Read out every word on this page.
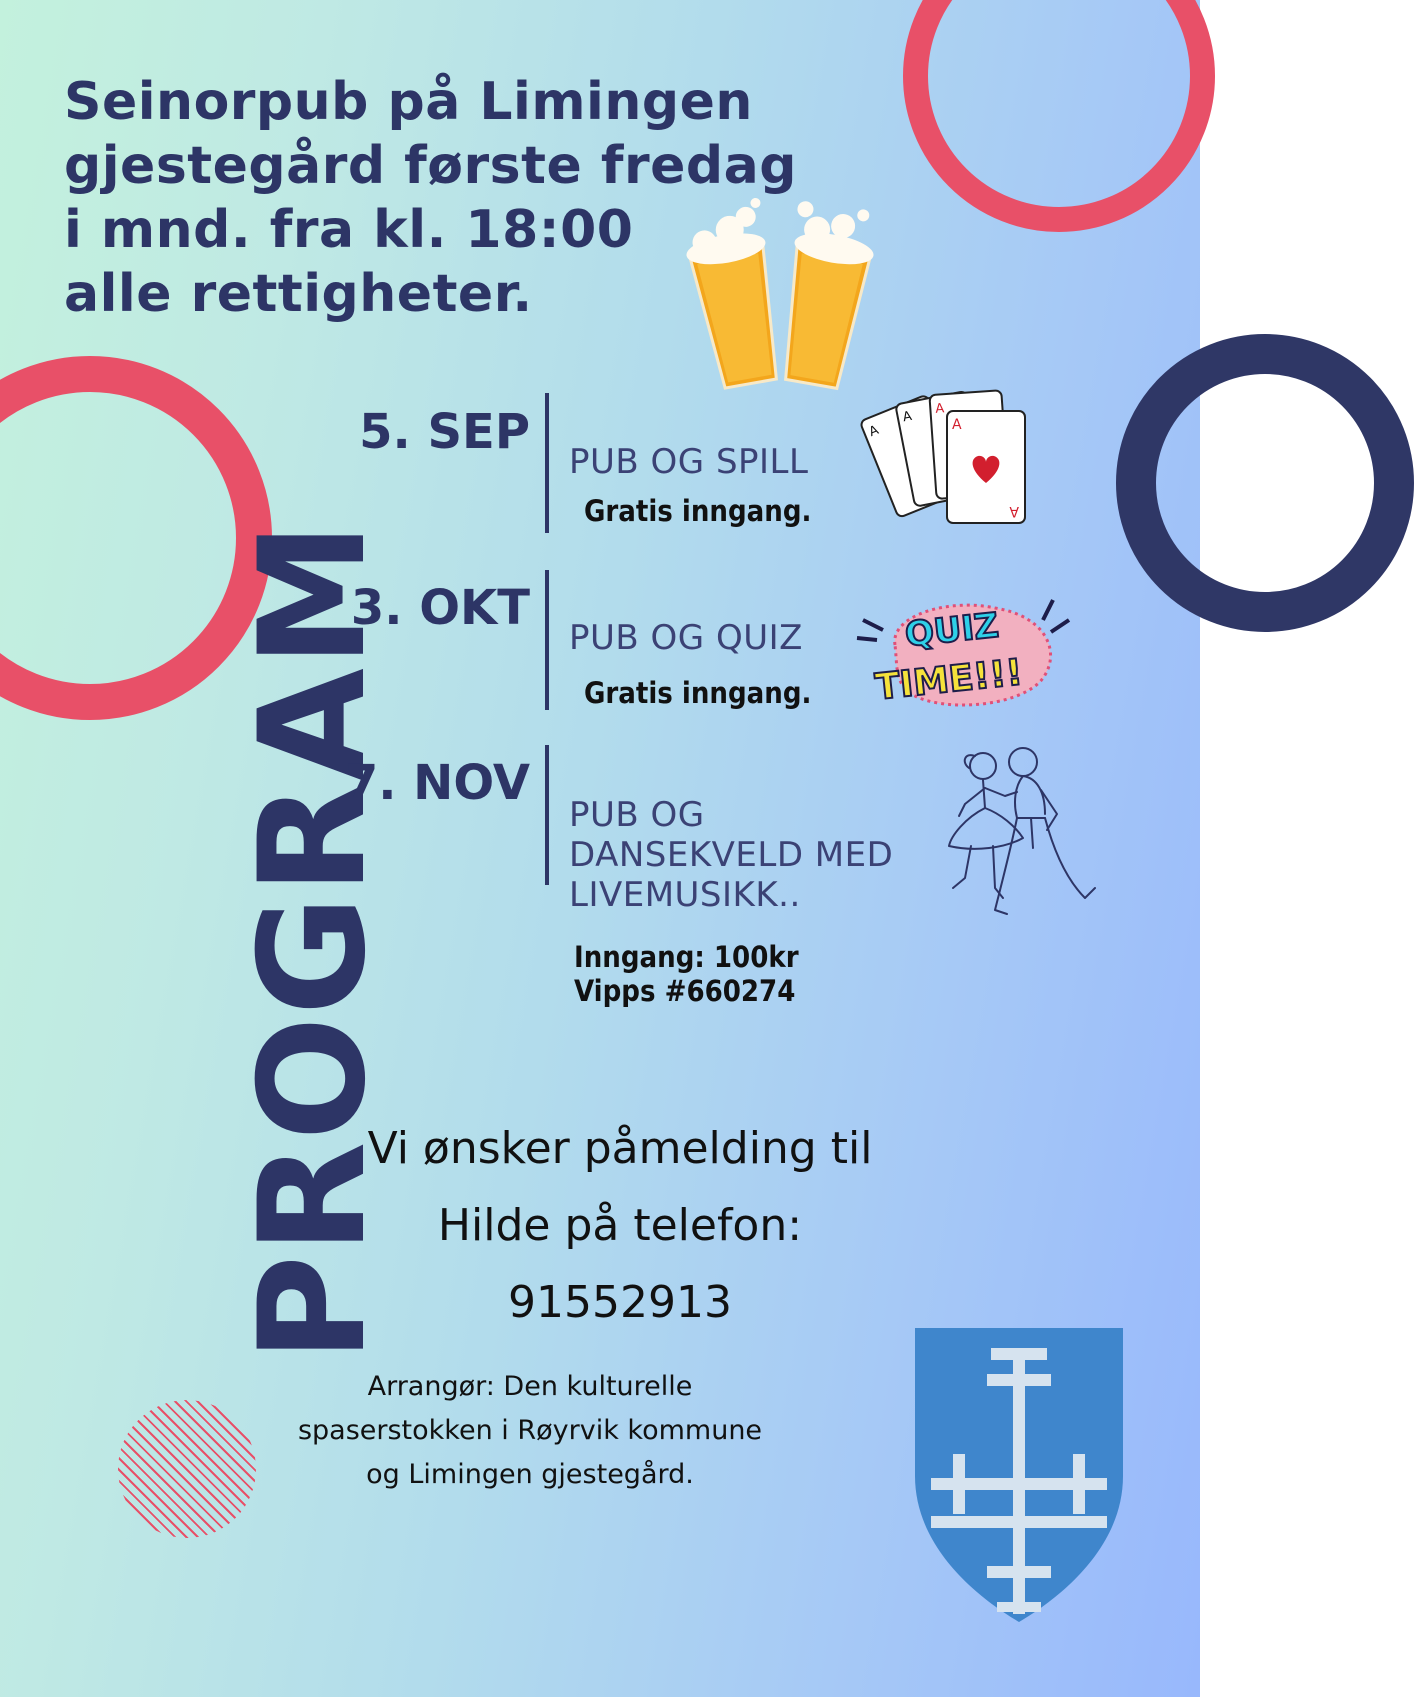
Seinorpub på Limingen
gjestegård første fredag
i mnd. fra kl. 18:00
alle rettigheter.
PROGRAM
5. SEP
PUB OG SPILL
Gratis inngang.
A
A A
A
A
3. OKT
PUB OG QUIZ
Gratis inngang.
QUIZ
TIME!!!
7. NOV
PUB OG
DANSEKVELD MED
LIVEMUSIKK..
Inngang: 100kr
Vipps #660274
Vi ønsker påmelding til
Hilde på telefon:
91552913
Arrangør: Den kulturelle
spaserstokken i Røyrvik kommune
og Limingen gjestegård.
